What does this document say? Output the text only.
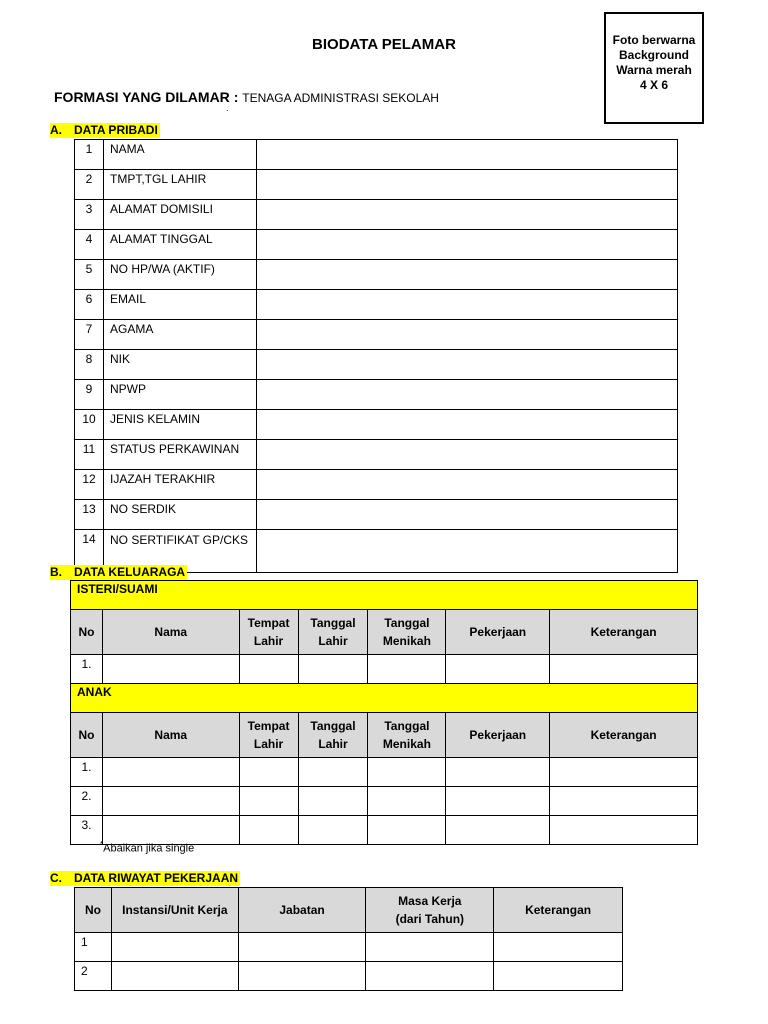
BIODATA PELAMAR	Foto berwarna
Background
Warna merah
4 X 6
FORMASI YANG DILAMAR : TENAGA ADMINISTRASI SEKOLAH
.
A. DATA PRIBADI
1	NAMA	
2	TMPT,TGL LAHIR	
3	ALAMAT DOMISILI	
4	ALAMAT TINGGAL	
5	NO HP/WA (AKTIF)	
6	EMAIL	
7	AGAMA	
8	NIK	
9	NPWP	
10	JENIS KELAMIN	
11	STATUS PERKAWINAN	
12	IJAZAH TERAKHIR	
13	NO SERDIK	
14	NO SERTIFIKAT GP/CKS	
B. DATA KELUARAGA
ISTERI/SUAMI						
No	Nama	Tempat Lahir	Tanggal Lahir	Tanggal Menikah	Pekerjaan	Keterangan
1.						
ANAK						
No	Nama	Tempat Lahir	Tanggal Lahir	Tanggal Menikah	Pekerjaan	Keterangan
1.						
2.						
3.						
*Abaikan jika single
C. DATA RIWAYAT PEKERJAAN
No	Instansi/Unit Kerja	Jabatan	Masa Kerja (dari Tahun)	Keterangan
1				
2				
